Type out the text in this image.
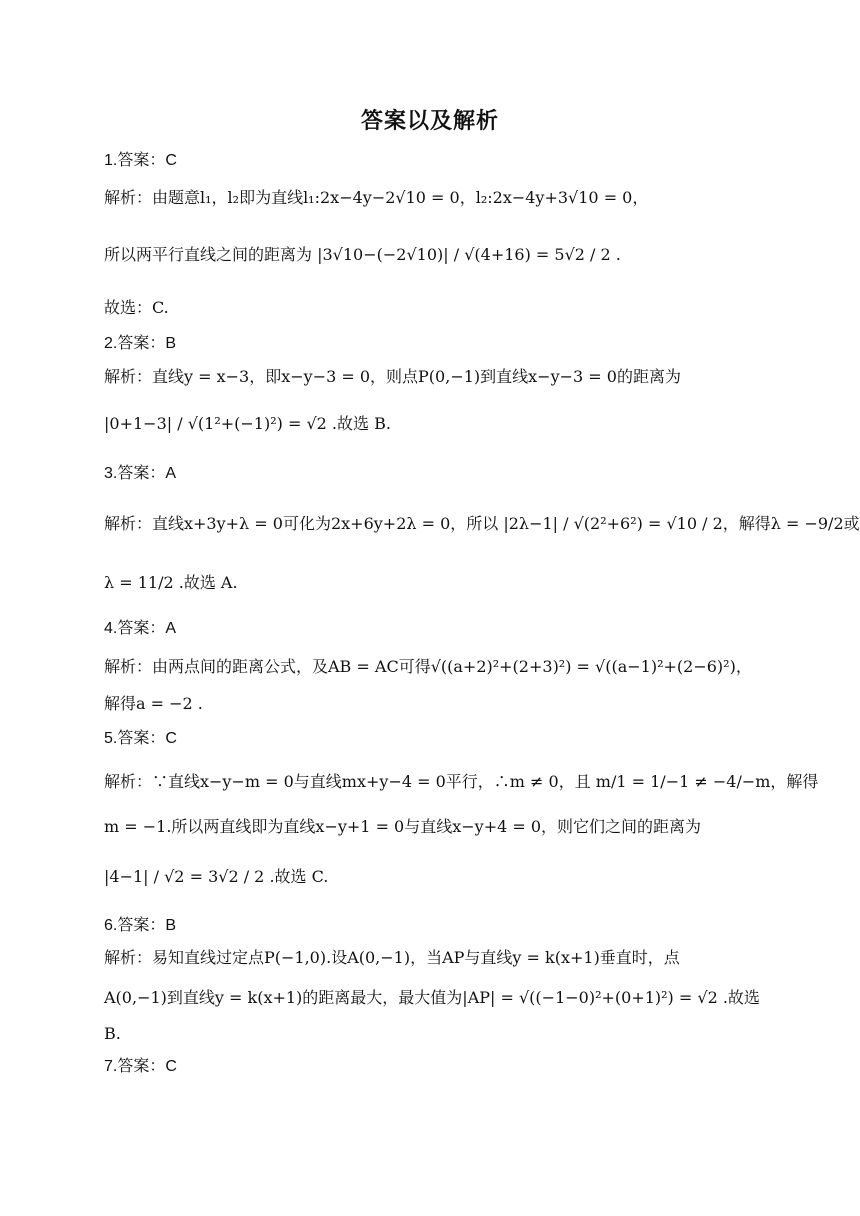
答案以及解析
1.答案：C
解析：由题意l₁，l₂即为直线l₁:2x−4y−2√10 = 0，l₂:2x−4y+3√10 = 0，
所以两平行直线之间的距离为 |3√10−(−2√10)| / √(4+16) = 5√2 / 2 .
故选：C.
2.答案：B
解析：直线y = x−3，即x−y−3 = 0，则点P(0,−1)到直线x−y−3 = 0的距离为
|0+1−3| / √(1²+(−1)²) = √2 .故选 B.
3.答案：A
解析：直线x+3y+λ = 0可化为2x+6y+2λ = 0，所以 |2λ−1| / √(2²+6²) = √10 / 2，解得λ = −9/2或
λ = 11/2 .故选 A.
4.答案：A
解析：由两点间的距离公式，及AB = AC可得√((a+2)²+(2+3)²) = √((a−1)²+(2−6)²)，
解得a = −2 .
5.答案：C
解析：∵直线x−y−m = 0与直线mx+y−4 = 0平行，∴m ≠ 0，且 m/1 = 1/−1 ≠ −4/−m，解得
m = −1.所以两直线即为直线x−y+1 = 0与直线x−y+4 = 0，则它们之间的距离为
|4−1| / √2 = 3√2 / 2 .故选 C.
6.答案：B
解析：易知直线过定点P(−1,0).设A(0,−1)，当AP与直线y = k(x+1)垂直时，点
A(0,−1)到直线y = k(x+1)的距离最大，最大值为|AP| = √((−1−0)²+(0+1)²) = √2 .故选
B.
7.答案：C
